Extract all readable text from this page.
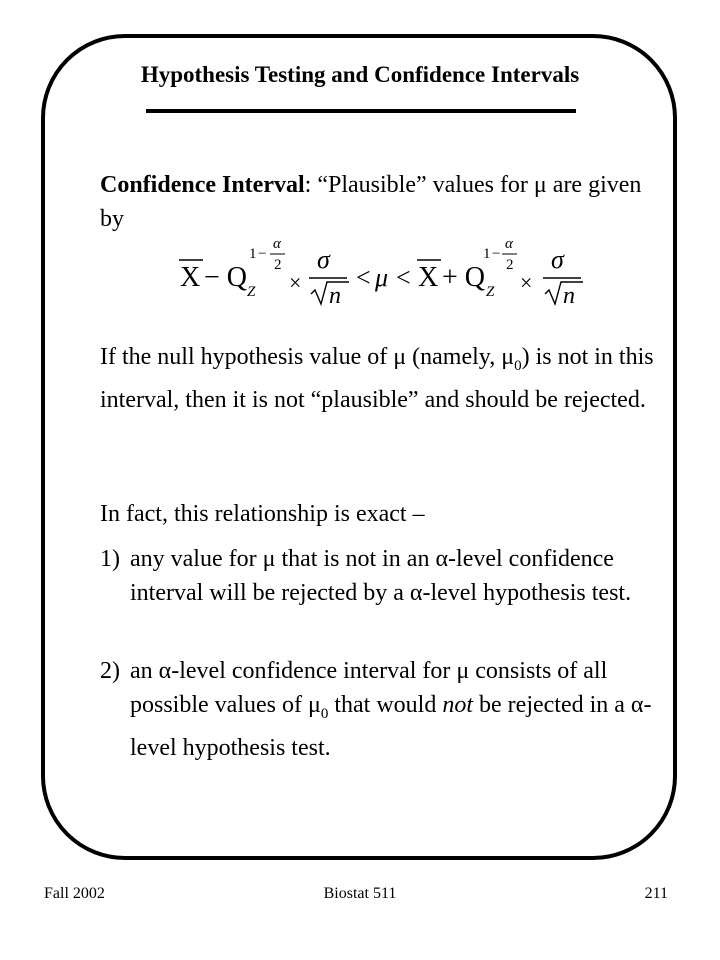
Hypothesis Testing and Confidence Intervals

Confidence Interval: “Plausible” values for μ are given by

X − Q Z
1 −
α
2
×
σ
n
< μ < X + Q Z
1 −
α
2
×
σ
n

If the null hypothesis value of μ (namely, $\mu_0$) is not in this interval, then it is not “plausible” and should be rejected.

In fact, this relationship is exact –

1) any value for μ that is not in an α-level confidence interval will be rejected by a α-level hypothesis test.
2) an α-level confidence interval for μ consists of all possible values of $\mu_0$ that would not be rejected in a α-level hypothesis test.
Fall 2002	Biostat 511	211
